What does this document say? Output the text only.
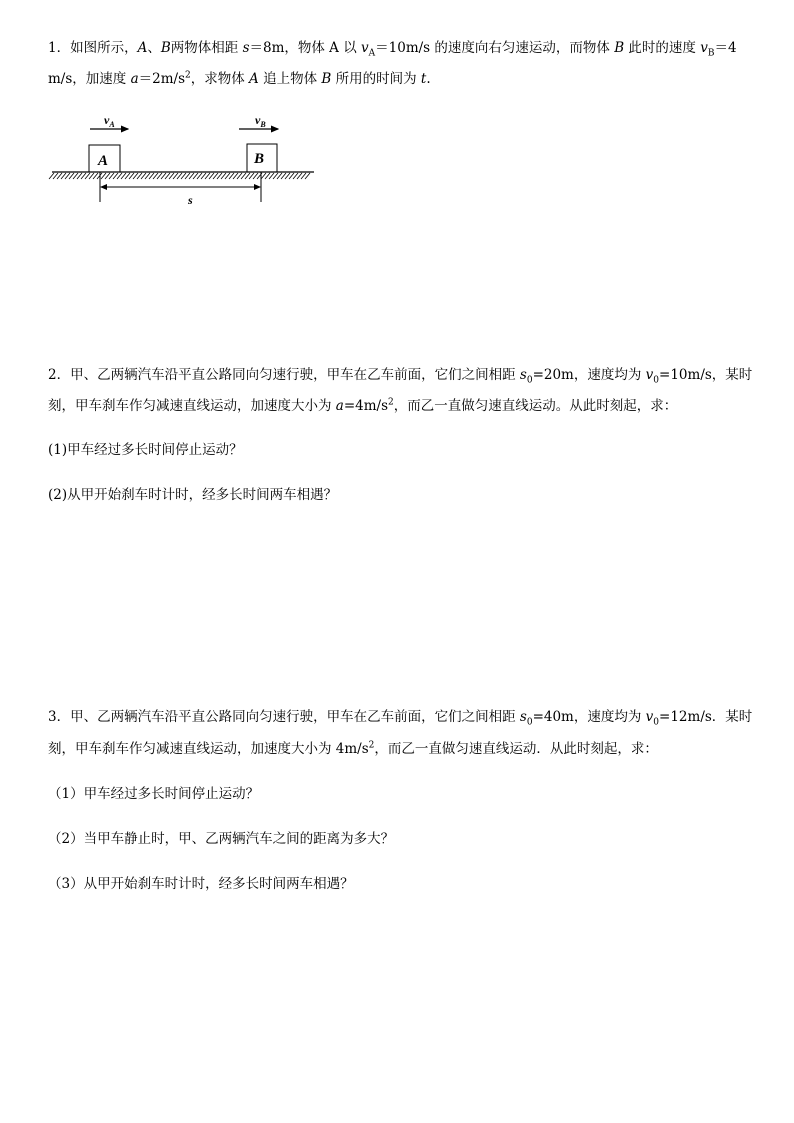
1．如图所示，A、B两物体相距 s＝8m，物体 A 以 $v_A=10m/s$ 的速度向右匀速运动，而物体 B 此时的速度 $v_B=4$
m/s，加速度 $a=2m/s^2$，求物体 A 追上物体 B 所用的时间为 t.
$v_A$	$v_B$
A	B
s
2．甲、乙两辆汽车沿平直公路同向匀速行驶，甲车在乙车前面，它们之间相距 $s_0=20m$，速度均为 $v_0=10m/s$，某时
刻，甲车刹车作匀减速直线运动，加速度大小为 $a=4m/s^2$，而乙一直做匀速直线运动。从此时刻起，求：
(1)甲车经过多长时间停止运动？
(2)从甲开始刹车时计时，经多长时间两车相遇？
3．甲、乙两辆汽车沿平直公路同向匀速行驶，甲车在乙车前面，它们之间相距 $s_0=40m$，速度均为 $v_0=12m/s$．某时
刻，甲车刹车作匀减速直线运动，加速度大小为 $4m/s^2$，而乙一直做匀速直线运动．从此时刻起，求：
（1）甲车经过多长时间停止运动？
（2）当甲车静止时，甲、乙两辆汽车之间的距离为多大？
（3）从甲开始刹车时计时，经多长时间两车相遇？
